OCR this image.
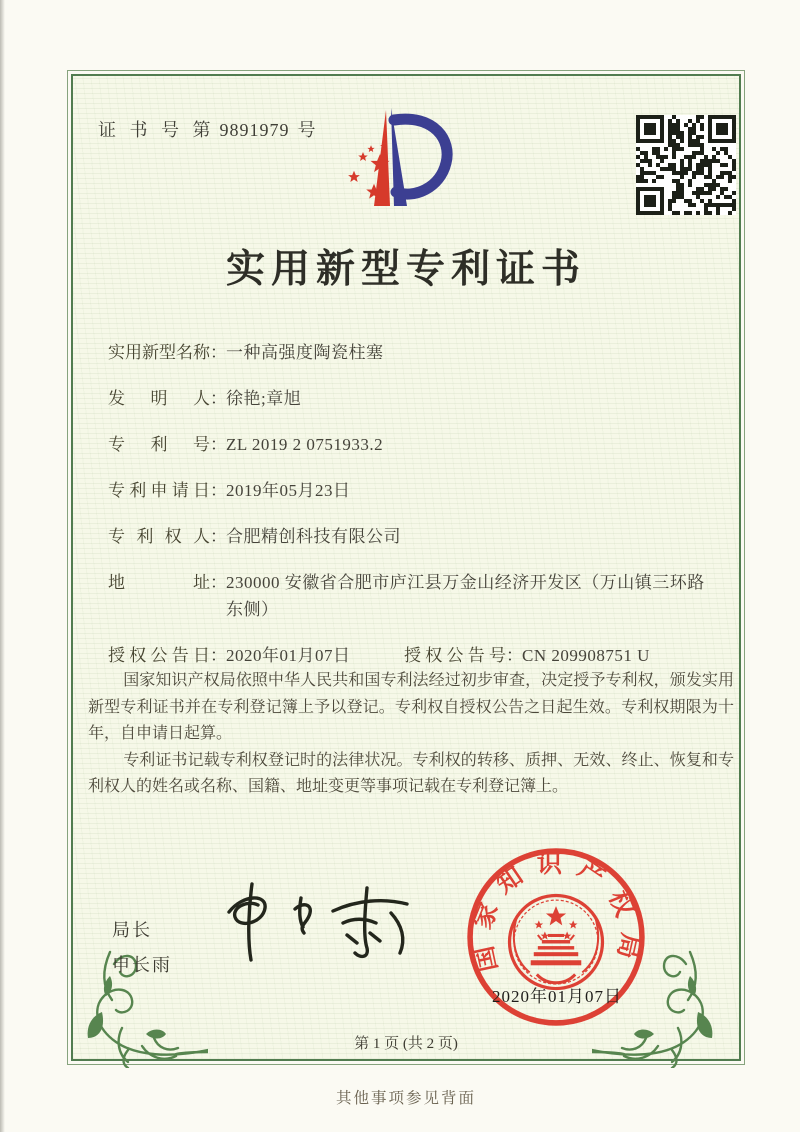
证 书 号 第 9891979 号
实用新型专利证书
实 用 新 型 名 称 ： 一种高强度陶瓷柱塞
发 明 人 ： 徐艳;章旭
专 利 号 ： ZL 2019 2 0751933.2
专 利 申 请 日 ： 2019年05月23日
专 利 权 人 ： 合肥精创科技有限公司
地	址 ： 230000 安徽省合肥市庐江县万金山经济开发区（万山镇三环路东侧）
授 权 公 告 日 ： 2020年01月07日	授 权 公 告 号 ： CN 209908751 U

国家知识产权局依照中华人民共和国专利法经过初步审查，决定授予专利权，颁发实用新型专利证书并在专利登记簿上予以登记。专利权自授权公告之日起生效。专利权期限为十年，自申请日起算。

专利证书记载专利权登记时的法律状况。专利权的转移、质押、无效、终止、恢复和专利权人的姓名或名称、国籍、地址变更等事项记载在专利登记簿上。

局长
申长雨	国家知识产权局
2020年01月07日
第 1 页 (共 2 页)
其他事项参见背面
